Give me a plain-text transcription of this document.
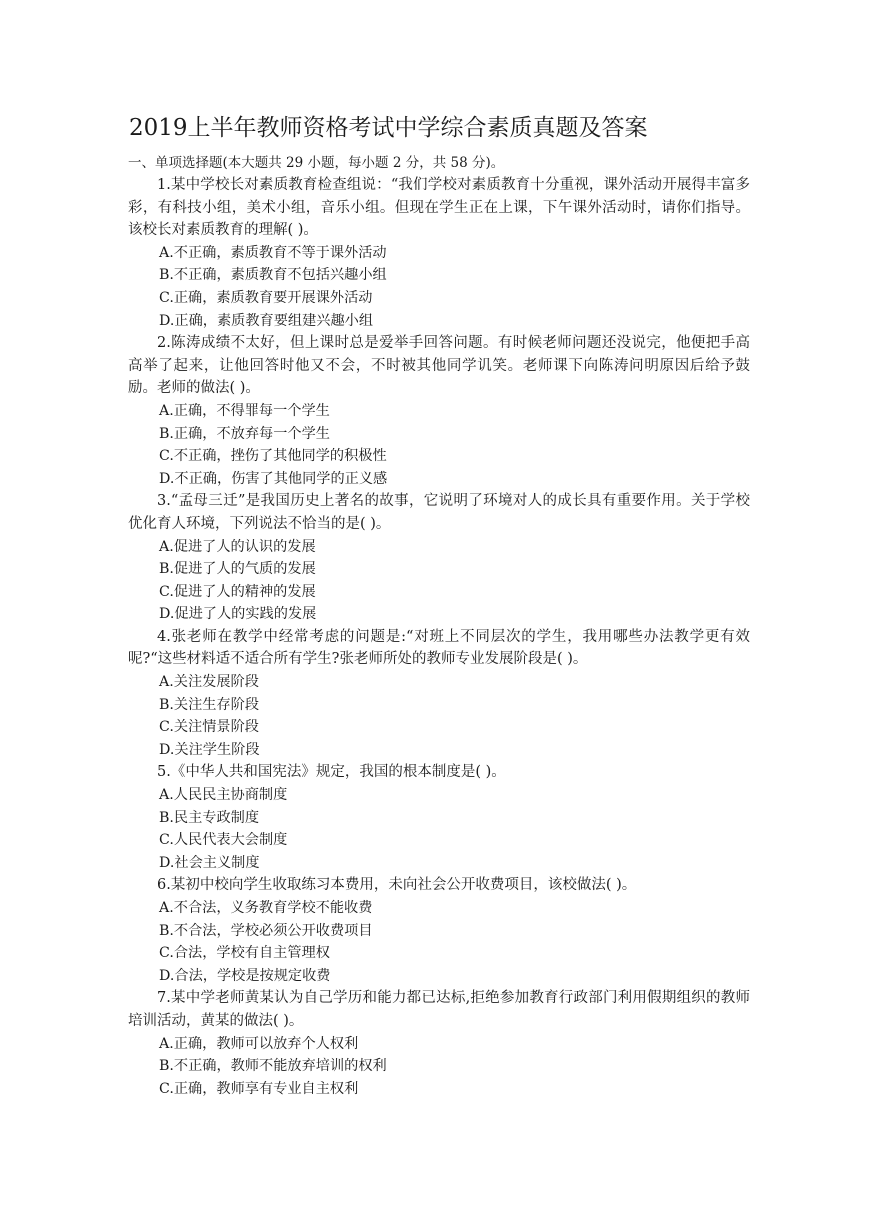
2019上半年教师资格考试中学综合素质真题及答案
一、单项选择题(本大题共 29 小题，每小题 2 分，共 58 分)。

1.某中学校长对素质教育检查组说：“我们学校对素质教育十分重视，课外活动开展得丰富多彩，有科技小组，美术小组，音乐小组。但现在学生正在上课，下午课外活动时，请你们指导。该校长对素质教育的理解( )。

A.不正确，素质教育不等于课外活动

B.不正确，素质教育不包括兴趣小组

C.正确，素质教育要开展课外活动

D.正确，素质教育要组建兴趣小组

2.陈涛成绩不太好，但上课时总是爱举手回答问题。有时候老师问题还没说完，他便把手高高举了起来，让他回答时他又不会，不时被其他同学讥笑。老师课下向陈涛问明原因后给予鼓励。老师的做法( )。

A.正确，不得罪每一个学生

B.正确，不放弃每一个学生

C.不正确，挫伤了其他同学的积极性

D.不正确，伤害了其他同学的正义感

3.“孟母三迁”是我国历史上著名的故事，它说明了环境对人的成长具有重要作用。关于学校优化育人环境，下列说法不恰当的是( )。

A.促进了人的认识的发展

B.促进了人的气质的发展

C.促进了人的精神的发展

D.促进了人的实践的发展

4.张老师在教学中经常考虑的问题是:“对班上不同层次的学生，我用哪些办法教学更有效呢?“这些材料适不适合所有学生?张老师所处的教师专业发展阶段是( )。

A.关注发展阶段

B.关注生存阶段

C.关注情景阶段

D.关注学生阶段

5.《中华人共和国宪法》规定，我国的根本制度是( )。

A.人民民主协商制度

B.民主专政制度

C.人民代表大会制度

D.社会主义制度

6.某初中校向学生收取练习本费用，未向社会公开收费项目，该校做法( )。

A.不合法，义务教育学校不能收费

B.不合法，学校必须公开收费项目

C.合法，学校有自主管理权

D.合法，学校是按规定收费

7.某中学老师黄某认为自己学历和能力都已达标,拒绝参加教育行政部门利用假期组织的教师培训活动，黄某的做法( )。

A.正确，教师可以放弃个人权利

B.不正确，教师不能放弃培训的权利

C.正确，教师享有专业自主权利
